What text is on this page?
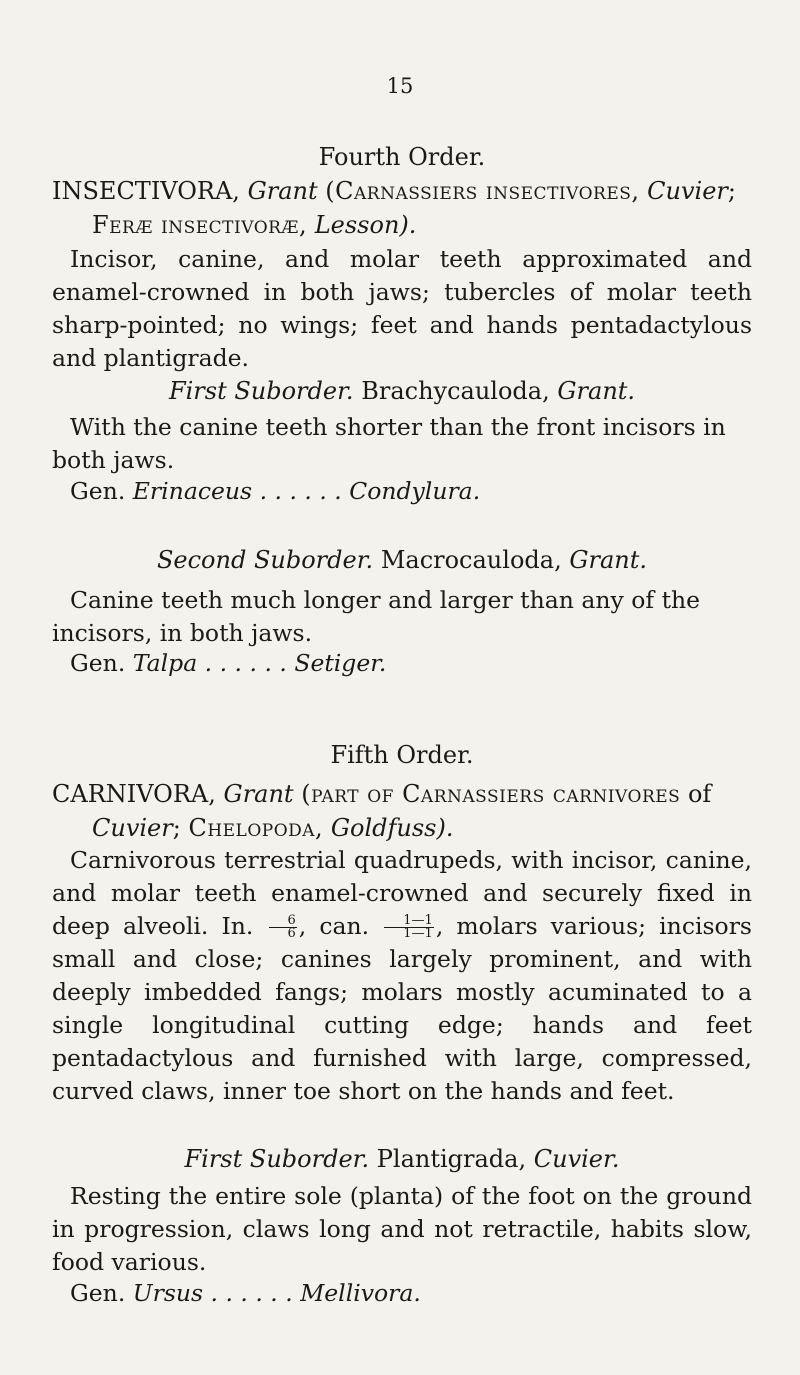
15
Fourth Order.

INSECTIVORA, Grant (Carnassiers insectivores, Cuvier; Feræ insectivoræ, Lesson).

Incisor, canine, and molar teeth approximated and enamel-crowned in both jaws; tubercles of molar teeth sharp-pointed; no wings; feet and hands pentadactylous and plantigrade.

First Suborder. Brachycauloda, Grant.

With the canine teeth shorter than the front incisors in both jaws.

Gen. Erinaceus . . . . . . Condylura.
Second Suborder. Macrocauloda, Grant.

Canine teeth much longer and larger than any of the incisors, in both jaws.

Gen. Talpa . . . . . . Setiger.
Fifth Order.

CARNIVORA, Grant (part of Carnassiers carnivores of Cuvier; Chelopoda, Goldfuss).

Carnivorous terrestrial quadrupeds, with incisor, canine, and molar teeth enamel-crowned and securely fixed in deep alveoli. In. $\frac{6}{6}$ , can. $\frac{1—1}{1—1}$ , molars various; incisors small and close; canines largely prominent, and with deeply imbedded fangs; molars mostly acuminated to a single longitudinal cutting edge; hands and feet pentadactylous and furnished with large, compressed, curved claws, inner toe short on the hands and feet.

First Suborder. Plantigrada, Cuvier.

Resting the entire sole (planta) of the foot on the ground in progression, claws long and not retractile, habits slow, food various.

Gen. Ursus . . . . . . Mellivora.
